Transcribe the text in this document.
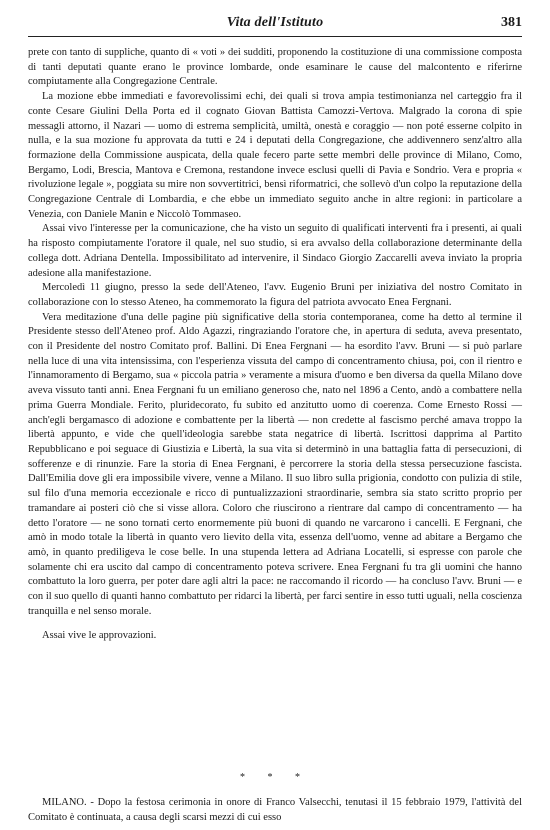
Vita dell'Istituto	381

prete con tanto di suppliche, quanto di « voti » dei sudditi, proponendo la costituzione di una commissione composta di tanti deputati quante erano le province lombarde, onde esaminare le cause del malcontento e riferirne compiutamente alla Congregazione Centrale.

La mozione ebbe immediati e favorevolissimi echi, dei quali si trova ampia testimonianza nel carteggio fra il conte Cesare Giulini Della Porta ed il cognato Giovan Battista Camozzi-Vertova. Malgrado la corona di spie messagli attorno, il Nazari — uomo di estrema semplicità, umiltà, onestà e coraggio — non poté esserne colpito in nulla, e la sua mozione fu approvata da tutti e 24 i deputati della Congregazione, che addivennero senz'altro alla formazione della Commissione auspicata, della quale fecero parte sette membri delle province di Milano, Como, Bergamo, Lodi, Brescia, Mantova e Cremona, restandone invece esclusi quelli di Pavia e Sondrio. Vera e propria « rivoluzione legale », poggiata su mire non sovvertitrici, bensì riformatrici, che sollevò d'un colpo la reputazione della Congregazione Centrale di Lombardia, e che ebbe un immediato seguito anche in altre regioni: in particolare a Venezia, con Daniele Manin e Niccolò Tommaseo.

Assai vivo l'interesse per la comunicazione, che ha visto un seguito di qualificati interventi fra i presenti, ai quali ha risposto compiutamente l'oratore il quale, nel suo studio, si era avvalso della collaborazione determinante della collega dott. Adriana Dentella. Impossibilitato ad intervenire, il Sindaco Giorgio Zaccarelli aveva inviato la propria adesione alla manifestazione.

Mercoledì 11 giugno, presso la sede dell'Ateneo, l'avv. Eugenio Bruni per iniziativa del nostro Comitato in collaborazione con lo stesso Ateneo, ha commemorato la figura del patriota avvocato Enea Fergnani.

Vera meditazione d'una delle pagine più significative della storia contemporanea, come ha detto al termine il Presidente stesso dell'Ateneo prof. Aldo Agazzi, ringraziando l'oratore che, in apertura di seduta, aveva presentato, con il Presidente del nostro Comitato prof. Ballini. Di Enea Fergnani — ha esordito l'avv. Bruni — si può parlare nella luce di una vita intensissima, con l'esperienza vissuta del campo di concentramento chiusa, poi, con il rientro e l'innamoramento di Bergamo, sua « piccola patria » veramente a misura d'uomo e ben diversa da quella Milano dove aveva vissuto tanti anni. Enea Fergnani fu un emiliano generoso che, nato nel 1896 a Cento, andò a combattere nella prima Guerra Mondiale. Ferito, pluridecorato, fu subito ed anzitutto uomo di coerenza. Come Ernesto Rossi — anch'egli bergamasco di adozione e combattente per la libertà — non credette al fascismo perché amava troppo la libertà appunto, e vide che quell'ideologia sarebbe stata negatrice di libertà. Iscrittosi dapprima al Partito Repubblicano e poi seguace di Giustizia e Libertà, la sua vita si determinò in una battaglia fatta di persecuzioni, di sofferenze e di rinunzie. Fare la storia di Enea Fergnani, è percorrere la storia della stessa persecuzione fascista. Dall'Emilia dove gli era impossibile vivere, venne a Milano. Il suo libro sulla prigionia, condotto con pulizia di stile, sul filo d'una memoria eccezionale e ricco di puntualizzazioni straordinarie, sembra sia stato scritto proprio per tramandare ai posteri ciò che si visse allora. Coloro che riuscirono a rientrare dal campo di concentramento — ha detto l'oratore — ne sono tornati certo enormemente più buoni di quando ne varcarono i cancelli. E Fergnani, che amò in modo totale la libertà in quanto vero lievito della vita, essenza dell'uomo, venne ad abitare a Bergamo che amò, in quanto prediligeva le cose belle. In una stupenda lettera ad Adriana Locatelli, si espresse con parole che solamente chi era uscito dal campo di concentramento poteva scrivere. Enea Fergnani fu tra gli uomini che hanno combattuto la loro guerra, per poter dare agli altri la pace: ne raccomando il ricordo — ha concluso l'avv. Bruni — e con il suo quello di quanti hanno combattuto per ridarci la libertà, per farci sentire in esso tutti uguali, nella coscienza tranquilla e nel senso morale.

Assai vive le approvazioni.

* * *

MILANO. - Dopo la festosa cerimonia in onore di Franco Valsecchi, tenutasi il 15 febbraio 1979, l'attività del Comitato è continuata, a causa degli scarsi mezzi di cui esso
